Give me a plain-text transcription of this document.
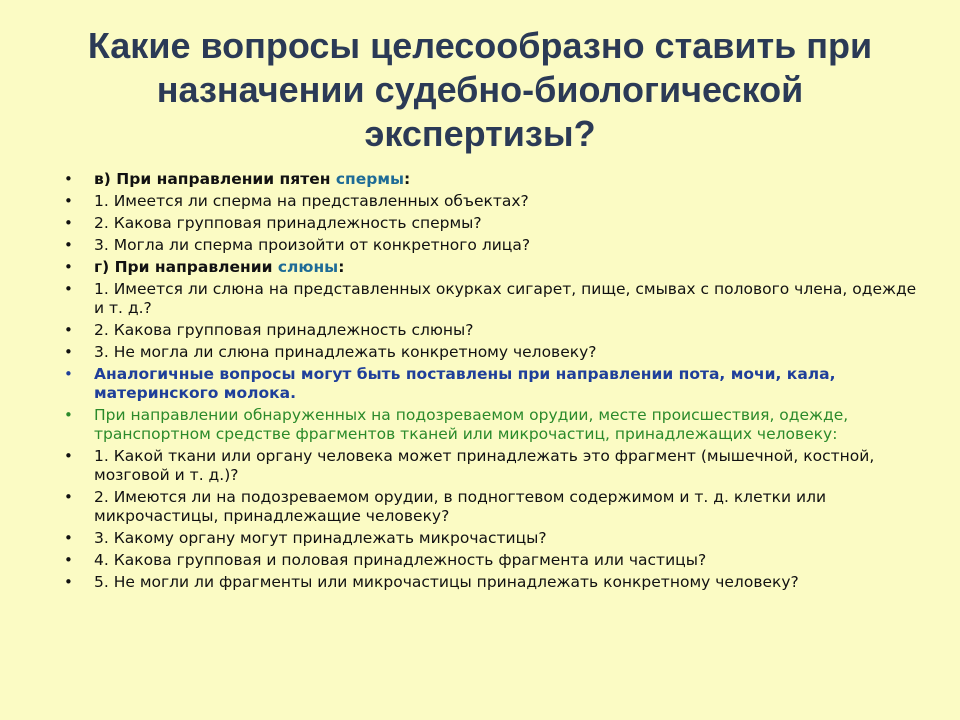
Какие вопросы целесообразно ставить при назначении судебно-биологической экспертизы?
• в) При направлении пятен спермы:
• 1. Имеется ли сперма на представленных объектах?
• 2. Какова групповая принадлежность спермы?
• 3. Могла ли сперма произойти от конкретного лица?
• г) При направлении слюны:
• 1. Имеется ли слюна на представленных окурках сигарет, пище, смывах с полового члена, одежде и т. д.?
• 2. Какова групповая принадлежность слюны?
• 3. Не могла ли слюна принадлежать конкретному человеку?
• Аналогичные вопросы могут быть поставлены при направлении пота, мочи, кала, материнского молока.
• При направлении обнаруженных на подозреваемом орудии, месте происшествия, одежде, транспортном средстве фрагментов тканей или микрочастиц, принадлежащих человеку:
• 1. Какой ткани или органу человека может принадлежать это фрагмент (мышечной, костной, мозговой и т. д.)?
• 2. Имеются ли на подозреваемом орудии, в подногтевом содержимом и т. д. клетки или микрочастицы, принадлежащие человеку?
• 3. Какому органу могут принадлежать микрочастицы?
• 4. Какова групповая и половая принадлежность фрагмента или частицы?
• 5. Не могли ли фрагменты или микрочастицы принадлежать конкретному человеку?
